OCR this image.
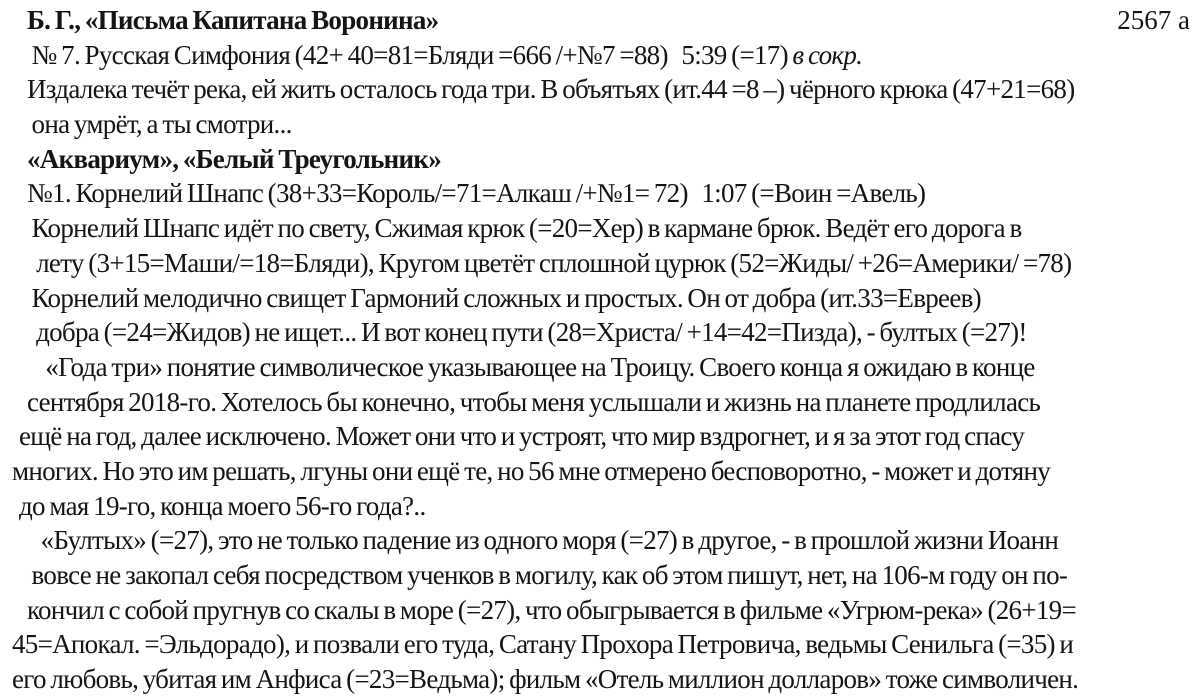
Б. Г., «Письма Капитана Воронина»	2567 а
№ 7. Русская Симфония (42+ 40=81=Бляди =666 /+№7 =88)   5:39 (=17) в сокр.
Издалека течёт река, ей жить осталось года три. В объятьях (ит.44 =8 –) чёрного крюка (47+21=68)
она умрёт, а ты смотри...
«Аквариум», «Белый Треугольник»
№1. Корнелий Шнапс (38+33=Король/=71=Алкаш /+№1= 72)   1:07 (=Воин =Авель)
Корнелий Шнапс идёт по свету, Сжимая крюк (=20=Хер) в кармане брюк. Ведёт его дорога в
лету (3+15=Маши/=18=Бляди), Кругом цветёт сплошной цурюк (52=Жиды/ +26=Америки/ =78)
Корнелий мелодично свищет Гармоний сложных и простых. Он от добра (ит.33=Евреев)
добра (=24=Жидов) не ищет... И вот конец пути (28=Христа/ +14=42=Пизда), - бултых (=27)!
«Года три» понятие символическое указывающее на Троицу. Своего конца я ожидаю в конце
сентября 2018-го. Хотелось бы конечно, чтобы меня услышали и жизнь на планете продлилась
ещё на год, далее исключено. Может они что и устроят, что мир вздрогнет, и я за этот год спасу
многих. Но это им решать, лгуны они ещё те, но 56 мне отмерено бесповоротно, - может и дотяну
до мая 19-го, конца моего 56-го года?..
«Бултых» (=27), это не только падение из одного моря (=27) в другое, - в прошлой жизни Иоанн
вовсе не закопал себя посредством ученков в могилу, как об этом пишут, нет, на 106-м году он по-
кончил с собой пругнув со скалы в море (=27), что обыгрывается в фильме «Угрюм-река» (26+19=
45=Апокал. =Эльдорадо), и позвали его туда, Сатану Прохора Петровича, ведьмы Сенильга (=35) и
его любовь, убитая им Анфиса (=23=Ведьма); фильм «Отель миллион долларов» тоже символичен.
